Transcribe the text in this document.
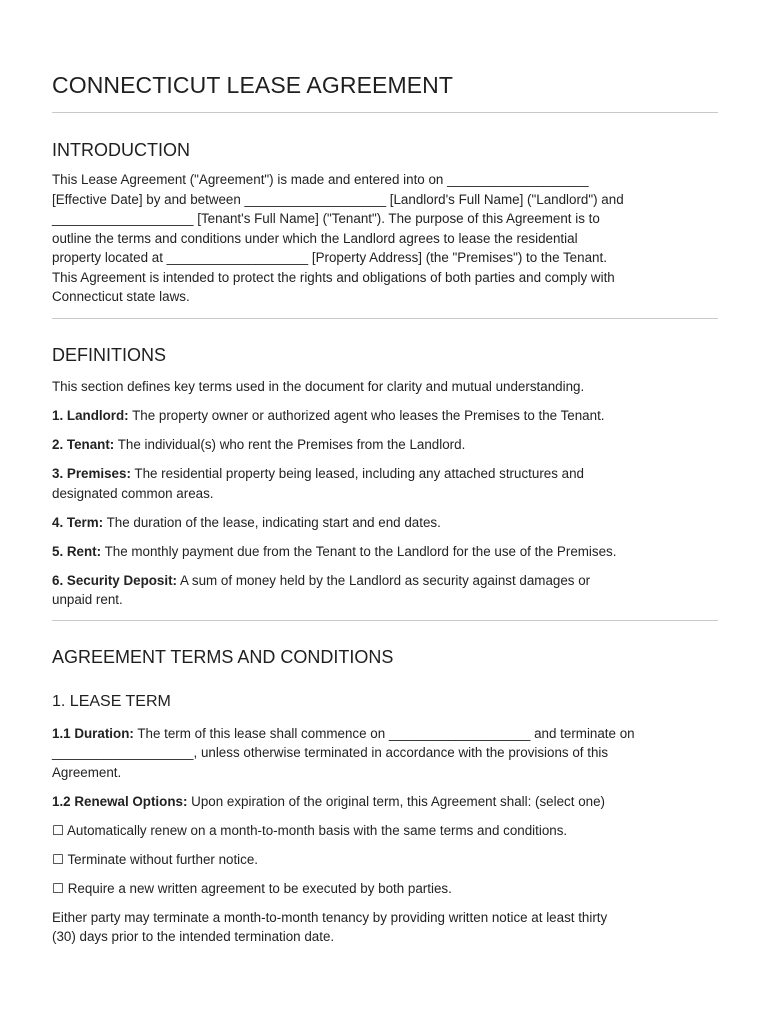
CONNECTICUT LEASE AGREEMENT
INTRODUCTION

This Lease Agreement ("Agreement") is made and entered into on ___________________

[Effective Date] by and between ___________________ [Landlord's Full Name] ("Landlord") and

___________________ [Tenant's Full Name] ("Tenant"). The purpose of this Agreement is to

outline the terms and conditions under which the Landlord agrees to lease the residential

property located at ___________________ [Property Address] (the "Premises") to the Tenant.

This Agreement is intended to protect the rights and obligations of both parties and comply with

Connecticut state laws.

DEFINITIONS

This section defines key terms used in the document for clarity and mutual understanding.

1. Landlord: The property owner or authorized agent who leases the Premises to the Tenant.

2. Tenant: The individual(s) who rent the Premises from the Landlord.

3. Premises: The residential property being leased, including any attached structures and

designated common areas.

4. Term: The duration of the lease, indicating start and end dates.

5. Rent: The monthly payment due from the Tenant to the Landlord for the use of the Premises.

6. Security Deposit: A sum of money held by the Landlord as security against damages or

unpaid rent.

AGREEMENT TERMS AND CONDITIONS
1. LEASE TERM

1.1 Duration: The term of this lease shall commence on ___________________ and terminate on

___________________, unless otherwise terminated in accordance with the provisions of this

Agreement.

1.2 Renewal Options: Upon expiration of the original term, this Agreement shall: (select one)

☐ Automatically renew on a month-to-month basis with the same terms and conditions.

☐ Terminate without further notice.

☐ Require a new written agreement to be executed by both parties.

Either party may terminate a month-to-month tenancy by providing written notice at least thirty

(30) days prior to the intended termination date.
